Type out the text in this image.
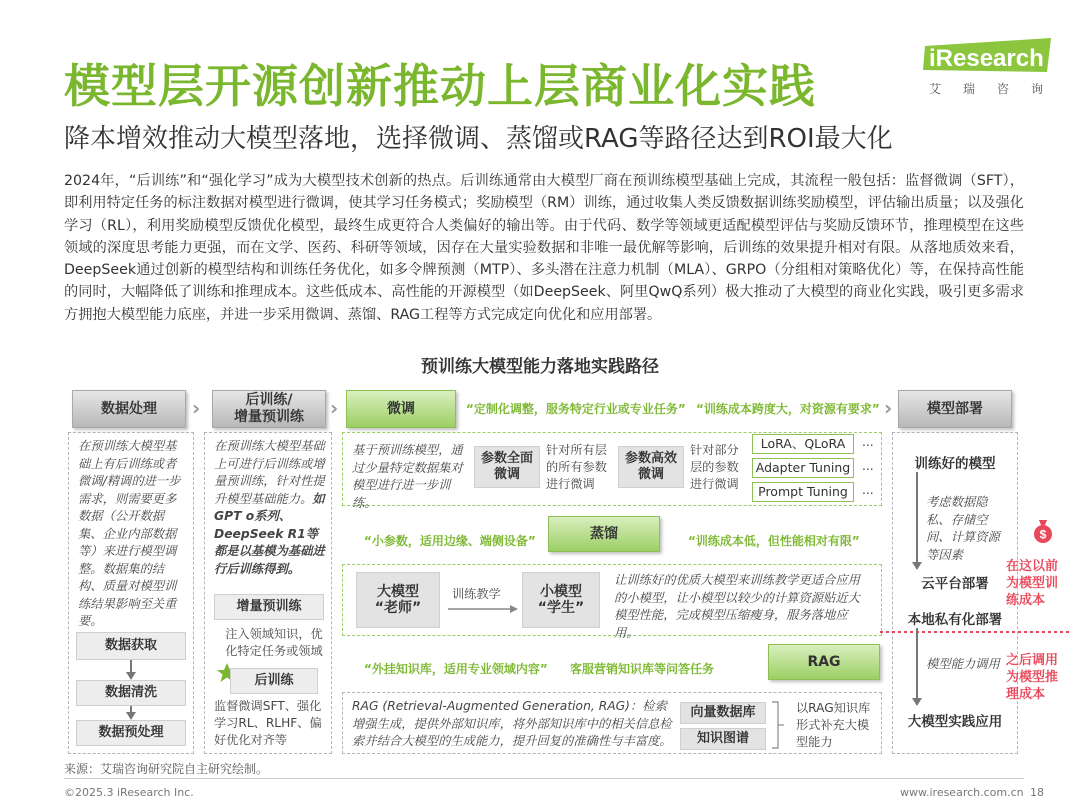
模型层开源创新推动上层商业化实践
降本增效推动大模型落地，选择微调、蒸馏或RAG等路径达到ROI最大化
iResearch
艾瑞咨询
2024年，“后训练”和“强化学习”成为大模型技术创新的热点。后训练通常由大模型厂商在预训练模型基础上完成，其流程一般包括：监督微调（SFT），即利用特定任务的标注数据对模型进行微调，使其学习任务模式；奖励模型（RM）训练，通过收集人类反馈数据训练奖励模型，评估输出质量；以及强化学习（RL），利用奖励模型反馈优化模型，最终生成更符合人类偏好的输出等。由于代码、数学等领域更适配模型评估与奖励反馈环节，推理模型在这些领域的深度思考能力更强，而在文学、医药、科研等领域，因存在大量实验数据和非唯一最优解等影响，后训练的效果提升相对有限。从落地质效来看，DeepSeek通过创新的模型结构和训练任务优化，如多令牌预测（MTP）、多头潜在注意力机制（MLA）、GRPO（分组相对策略优化）等，在保持高性能的同时，大幅降低了训练和推理成本。这些低成本、高性能的开源模型（如DeepSeek、阿里QwQ系列）极大推动了大模型的商业化实践，吸引更多需求方拥抱大模型能力底座，并进一步采用微调、蒸馏、RAG工程等方式完成定向优化和应用部署。
预训练大模型能力落地实践路径
数据处理	›	后训练/
增量预训练	›	微调	“定制化调整，服务特定行业或专业任务” “训练成本跨度大，对资源有要求” ›	模型部署
在预训练大模型基础上有后训练或者微调/精调的进一步需求，则需要更多数据（公开数据集、企业内部数据等）来进行模型调整。数据集的结构、质量对模型训练结果影响至关重要。
数据获取
数据清洗
数据预处理
在预训练大模型基础上可进行后训练或增量预训练，针对性提升模型基础能力。如GPT o系列、DeepSeek R1等都是以基模为基础进行后训练得到。
增量预训练
注入领域知识，优化特定任务或领域
后训练
监督微调SFT、强化学习RL、RLHF、偏好优化对齐等
基于预训练模型，通过少量特定数据集对模型进行进一步训练。
参数全面微调
针对所有层的所有参数进行微调
参数高效微调
针对部分层的参数进行微调
LoRA、QLoRA
Adapter Tuning
Prompt Tuning
...
...
...
“小参数，适用边缘、端侧设备”	蒸馏	“训练成本低，但性能相对有限”
大模型
“老师”
训练教学	小模型
“学生”
让训练好的优质大模型来训练教学更适合应用的小模型，让小模型以较少的计算资源贴近大模型性能，完成模型压缩瘦身，服务落地应用。
“外挂知识库，适用专业领域内容” 客服营销知识库等问答任务	RAG
RAG (Retrieval-Augmented Generation, RAG)：检索增强生成，提供外部知识库，将外部知识库中的相关信息检索并结合大模型的生成能力，提升回复的准确性与丰富度。
向量数据库
知识图谱
以RAG知识库形式补充大模型能力
训练好的模型
考虑数据隐私、存储空间、计算资源等因素
$
云平台部署
本地私有化部署
模型能力调用
大模型实践应用
在这以前
为模型训
练成本
之后调用
为模型推
理成本
来源：艾瑞咨询研究院自主研究绘制。
©2025.3 iResearch Inc.	www.iresearch.com.cn 18
